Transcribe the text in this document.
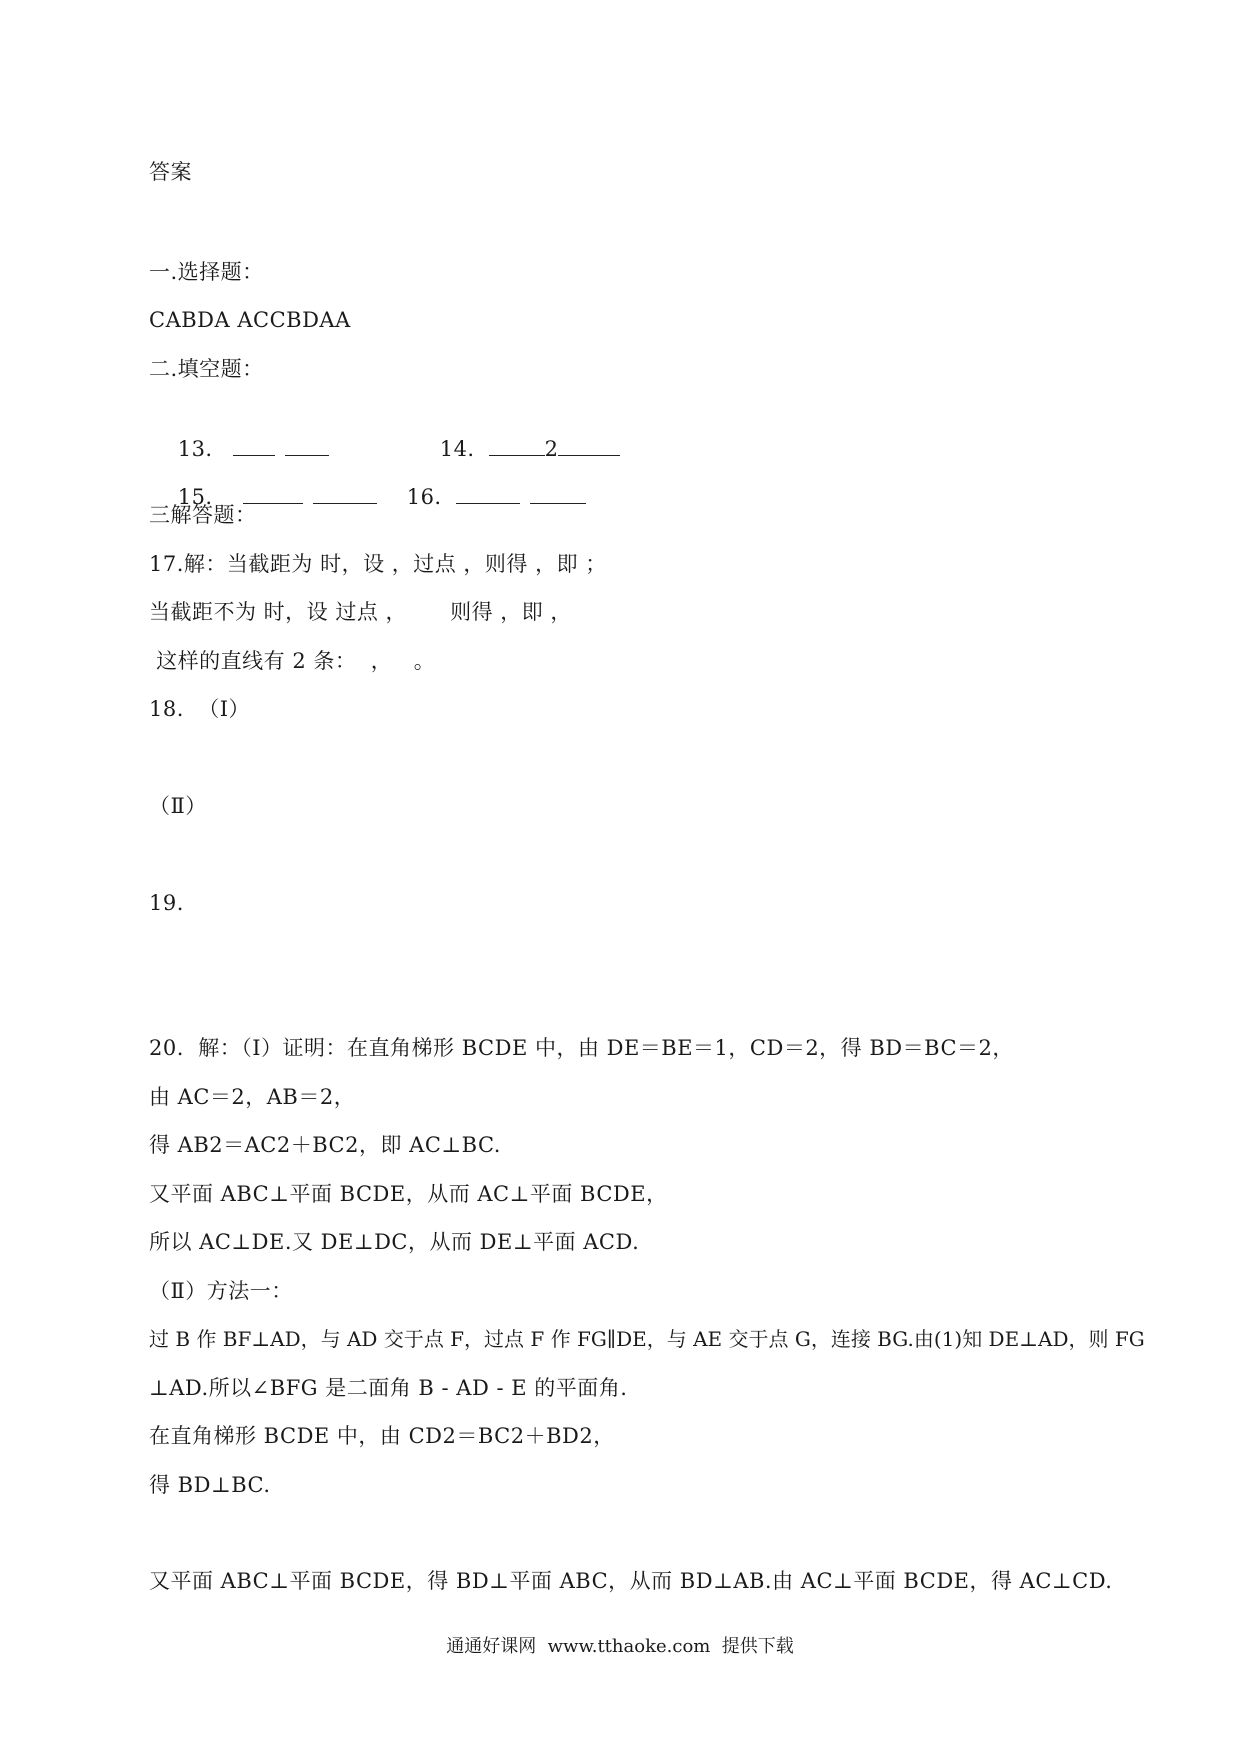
答案
一.选择题：
CABDA ACCBDAA
二.填空题：

13.
	14.	2

15.
	16.

三解答题：
17.解：当截距为 时，设 ，过点 ，则得 ，即 ；
当截距不为 时，设 过点 ，      则得 ，即 ，
这样的直线有 2 条：  ，   。
18.  （Ⅰ）
（Ⅱ）
19.
20.  解：（Ⅰ）证明：在直角梯形 BCDE 中，由 DE＝BE＝1，CD＝2，得 BD＝BC＝2，
由 AC＝2，AB＝2，
得 AB2＝AC2＋BC2，即 AC⊥BC.
又平面 ABC⊥平面 BCDE，从而 AC⊥平面 BCDE，
所以 AC⊥DE.又 DE⊥DC，从而 DE⊥平面 ACD.
（Ⅱ）方法一：
过 B 作 BF⊥AD，与 AD 交于点 F，过点 F 作 FG∥DE，与 AE 交于点 G，连接 BG.由(1)知 DE⊥AD，则 FG
⊥AD.所以∠BFG 是二面角 B - AD - E 的平面角.
在直角梯形 BCDE 中，由 CD2＝BC2＋BD2，
得 BD⊥BC.
又平面 ABC⊥平面 BCDE，得 BD⊥平面 ABC，从而 BD⊥AB.由 AC⊥平面 BCDE，得 AC⊥CD.
通通好课网  www.tthaoke.com  提供下载
